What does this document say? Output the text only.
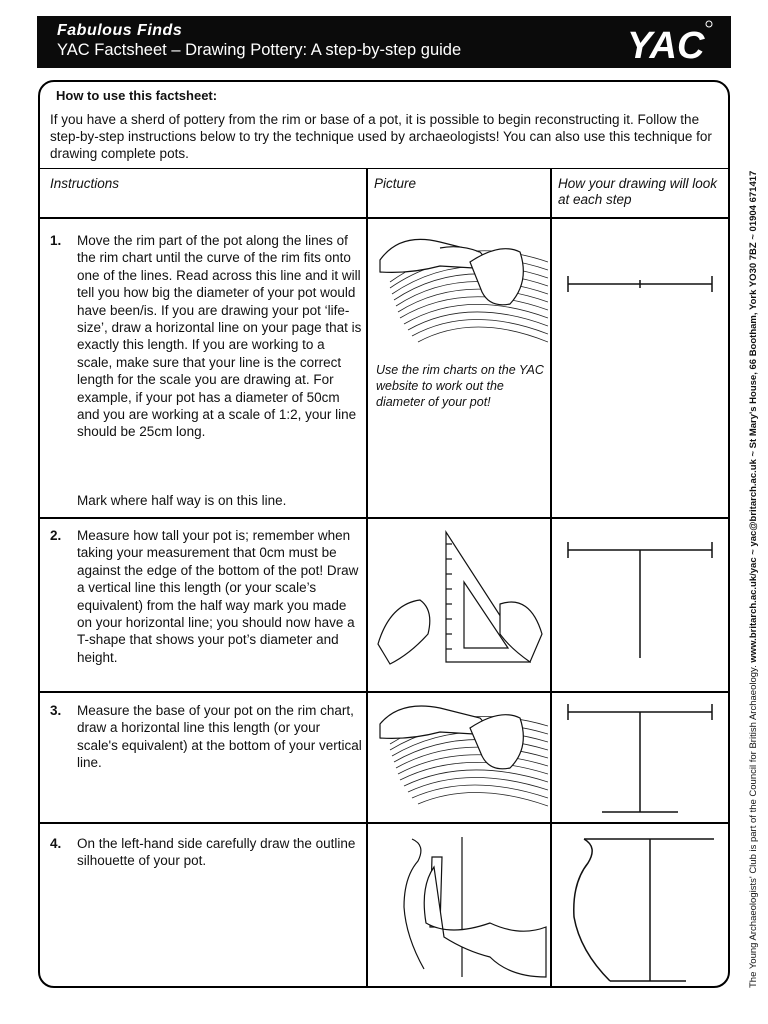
Fabulous Finds
YAC Factsheet – Drawing Pottery: A step-by-step guide	YAC
The Young Archaeologists' Club is part of the Council for British Archaeology. www.britarch.ac.uk/yac ~ yac@britarch.ac.uk ~ St Mary's House, 66 Bootham, York YO30 7BZ ~ 01904 671417
How to use this factsheet:
If you have a sherd of pottery from the rim or base of a pot, it is possible to begin reconstructing it. Follow the step-by-step instructions below to try the technique used by archaeologists! You can also use this technique for drawing complete pots.
Instructions	Picture	How your drawing will look at each step
1. Move the rim part of the pot along the lines of the rim chart until the curve of the rim fits onto one of the lines. Read across this line and it will tell you how big the diameter of your pot would have been/is. If you are drawing your pot ‘life-size’, draw a horizontal line on your page that is exactly this length. If you are working to a scale, make sure that your line is the correct length for the scale you are drawing at. For example, if your pot has a diameter of 50cm and you are working at a scale of 1:2, your line should be 25cm long.
Mark where half way is on this line.
Use the rim charts on the YAC website to work out the diameter of your pot!
2. Measure how tall your pot is; remember when taking your measurement that 0cm must be against the edge of the bottom of the pot! Draw a vertical line this length (or your scale’s equivalent) from the half way mark you made on your horizontal line; you should now have a T-shape that shows your pot’s diameter and height.
3. Measure the base of your pot on the rim chart, draw a horizontal line this length (or your scale's equivalent) at the bottom of your vertical line.
4. On the left-hand side carefully draw the outline silhouette of your pot.
